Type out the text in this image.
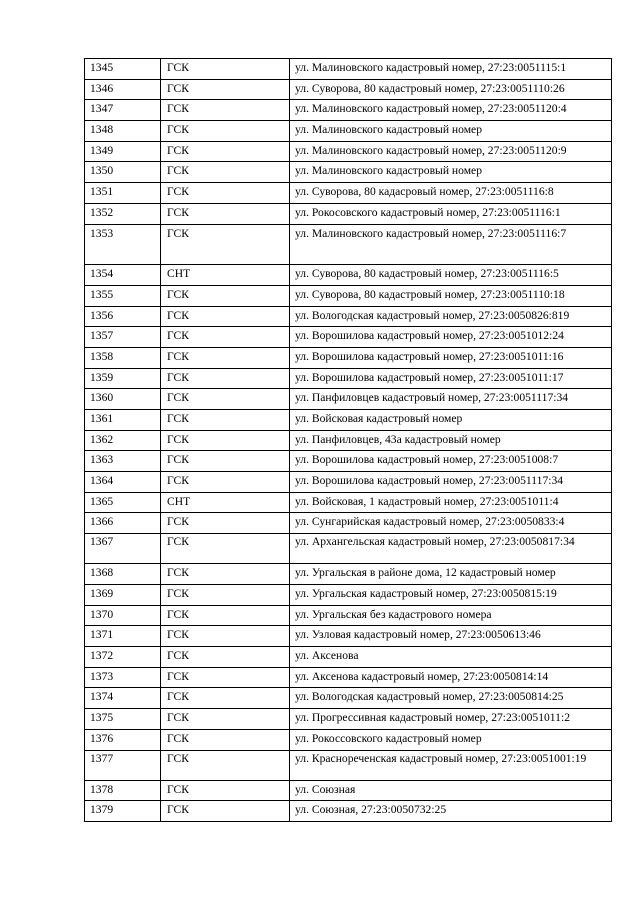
1345	ГСК	ул. Малиновского кадастровый номер, 27:23:0051115:1
1346	ГСК	ул. Суворова, 80 кадастровый номер, 27:23:0051110:26
1347	ГСК	ул. Малиновского кадастровый номер, 27:23:0051120:4
1348	ГСК	ул. Малиновского кадастровый номер
1349	ГСК	ул. Малиновского кадастровый номер, 27:23:0051120:9
1350	ГСК	ул. Малиновского кадастровый номер
1351	ГСК	ул. Суворова, 80 кадасровый номер, 27:23:0051116:8
1352	ГСК	ул. Рокосовского кадастровый номер, 27:23:0051116:1
1353	ГСК	ул. Малиновского кадастровый номер, 27:23:0051116:7
1354	СНТ	ул. Суворова, 80 кадастровый номер, 27:23:0051116:5
1355	ГСК	ул. Суворова, 80 кадастровый номер, 27:23:0051110:18
1356	ГСК	ул. Вологодская кадастровый номер, 27:23:0050826:819
1357	ГСК	ул. Ворошилова кадастровый номер, 27:23:0051012:24
1358	ГСК	ул. Ворошилова кадастровый номер, 27:23:0051011:16
1359	ГСК	ул. Ворошилова кадастровый номер, 27:23:0051011:17
1360	ГСК	ул. Панфиловцев кадастровый номер, 27:23:0051117:34
1361	ГСК	ул. Войсковая кадастровый номер
1362	ГСК	ул. Панфиловцев, 43а кадастровый номер
1363	ГСК	ул. Ворошилова кадастровый номер, 27:23:0051008:7
1364	ГСК	ул. Ворошилова кадастровый номер, 27:23:0051117:34
1365	СНТ	ул. Войсковая, 1 кадастровый номер, 27:23:0051011:4
1366	ГСК	ул. Сунгарийская кадастровый номер, 27:23:0050833:4
1367	ГСК	ул. Архангельская кадастровый номер, 27:23:0050817:34
1368	ГСК	ул. Ургальская в районе дома, 12 кадастровый номер
1369	ГСК	ул. Ургальская кадастровый номер, 27:23:0050815:19
1370	ГСК	ул. Ургальская без кадастрового номера
1371	ГСК	ул. Узловая кадастровый номер, 27:23:0050613:46
1372	ГСК	ул. Аксенова
1373	ГСК	ул. Аксенова кадастровый номер, 27:23:0050814:14
1374	ГСК	ул. Вологодская кадастровый номер, 27:23:0050814:25
1375	ГСК	ул. Прогрессивная кадастровый номер, 27:23:0051011:2
1376	ГСК	ул. Рокоссовского кадастровый номер
1377	ГСК	ул. Краснореченская кадастровый номер, 27:23:0051001:19
1378	ГСК	ул. Союзная
1379	ГСК	ул. Союзная, 27:23:0050732:25
